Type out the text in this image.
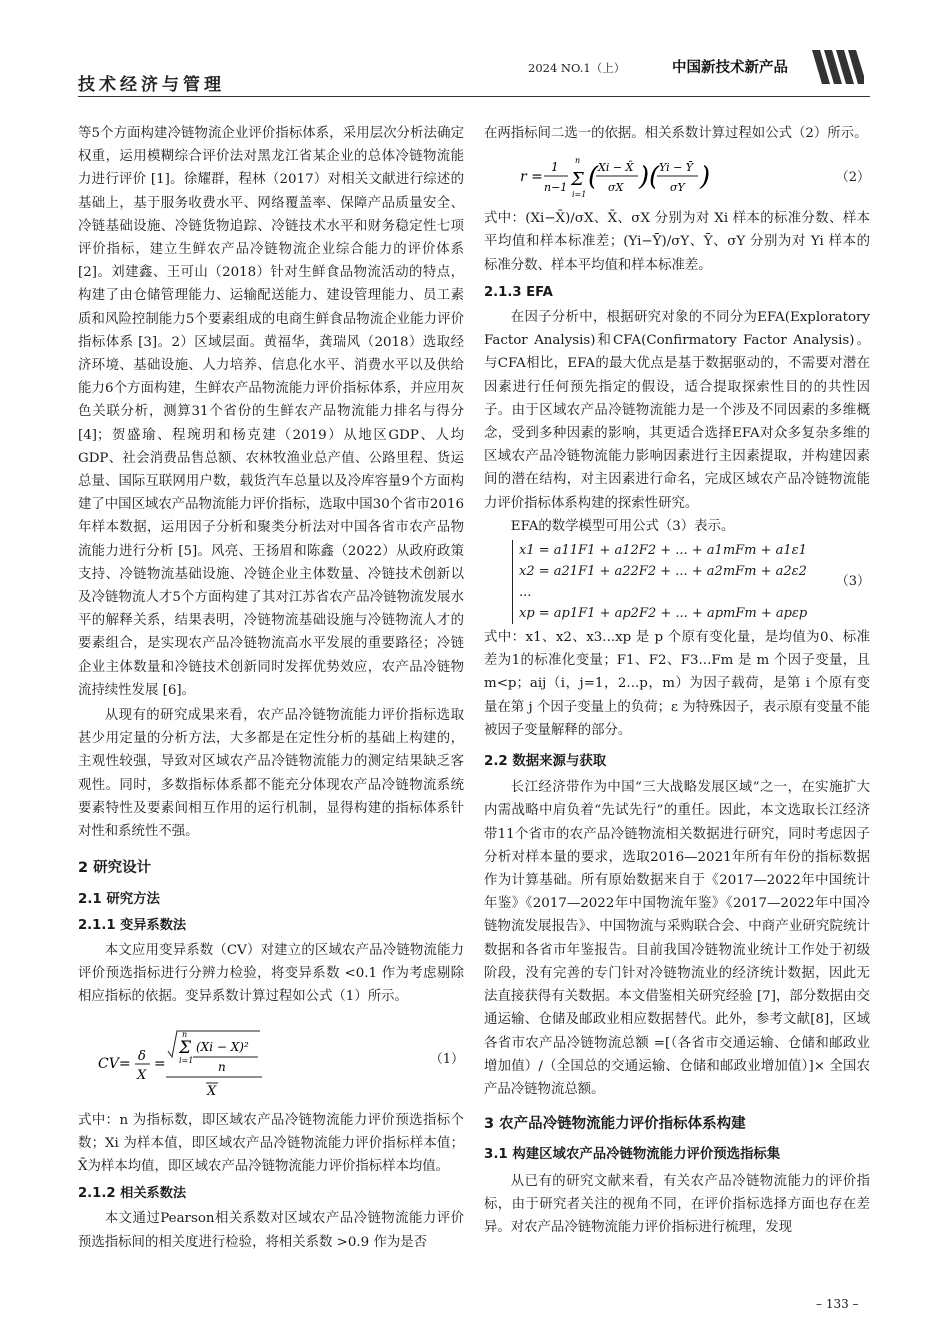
技术经济与管理
2024 NO.1（上）	中国新技术新产品

等5个方面构建冷链物流企业评价指标体系，采用层次分析法确定权重，运用模糊综合评价法对黑龙江省某企业的总体冷链物流能力进行评价 [1]。徐耀群，程林（2017）对相关文献进行综述的基础上，基于服务收费水平、网络覆盖率、保障产品质量安全、冷链基础设施、冷链货物追踪、冷链技术水平和财务稳定性七项评价指标，建立生鲜农产品冷链物流企业综合能力的评价体系 [2]。刘建鑫、王可山（2018）针对生鲜食品物流活动的特点，构建了由仓储管理能力、运输配送能力、建设管理能力、员工素质和风险控制能力5个要素组成的电商生鲜食品物流企业能力评价指标体系 [3]。2）区域层面。黄福华，龚瑞风（2018）选取经济环境、基础设施、人力培养、信息化水平、消费水平以及供给能力6个方面构建，生鲜农产品物流能力评价指标体系，并应用灰色关联分析，测算31个省份的生鲜农产品物流能力排名与得分 [4]；贺盛瑜、程琬玥和杨克建（2019）从地区GDP、人均GDP、社会消费品售总额、农林牧渔业总产值、公路里程、货运总量、国际互联网用户数，载货汽车总量以及冷库容量9个方面构建了中国区域农产品物流能力评价指标，选取中国30个省市2016年样本数据，运用因子分析和聚类分析法对中国各省市农产品物流能力进行分析 [5]。风亮、王扬眉和陈鑫（2022）从政府政策支持、冷链物流基础设施、冷链企业主体数量、冷链技术创新以及冷链物流人才5个方面构建了其对江苏省农产品冷链物流发展水平的解释关系，结果表明，冷链物流基础设施与冷链物流人才的要素组合，是实现农产品冷链物流高水平发展的重要路径；冷链企业主体数量和冷链技术创新同时发挥优势效应，农产品冷链物流持续性发展 [6]。

从现有的研究成果来看，农产品冷链物流能力评价指标选取甚少用定量的分析方法，大多都是在定性分析的基础上构建的，主观性较强，导致对区域农产品冷链物流能力的测定结果缺乏客观性。同时，多数指标体系都不能充分体现农产品冷链物流系统要素特性及要素间相互作用的运行机制，显得构建的指标体系针对性和系统性不强。

2 研究设计
2.1 研究方法
2.1.1 变异系数法

本文应用变异系数（CV）对建立的区域农产品冷链物流能力评价预选指标进行分辨力检验，将变异系数 <0.1 作为考虑剔除相应指标的依据。变异系数计算过程如公式（1）所示。

CV= δ
X
=
n
Σ
i=1
(Xi − X)²
n
X
（1）

式中：n 为指标数，即区域农产品冷链物流能力评价预选指标个数；Xi 为样本值，即区域农产品冷链物流能力评价指标样本值；X̄为样本均值，即区域农产品冷链物流能力评价指标样本均值。

2.1.2 相关系数法

本文通过Pearson相关系数对区域农产品冷链物流能力评价预选指标间的相关度进行检验，将相关系数 >0.9 作为是否

在两指标间二选一的依据。相关系数计算过程如公式（2）所示。

r =
1
n−1
n
Σ
i=1
( Xi − X̄
σX ) ( Yi − Ȳ
σY )	（2）

式中：(Xi−X̄)/σX、X̄、σX 分别为对 Xi 样本的标准分数、样本平均值和样本标准差；(Yi−Ȳ)/σY、Ȳ、σY 分别为对 Yi 样本的标准分数、样本平均值和样本标准差。

2.1.3 EFA

在因子分析中，根据研究对象的不同分为EFA(Exploratory Factor Analysis)和CFA(Confirmatory Factor Analysis)。与CFA相比，EFA的最大优点是基于数据驱动的，不需要对潜在因素进行任何预先指定的假设，适合提取探索性目的的共性因子。由于区域农产品冷链物流能力是一个涉及不同因素的多维概念，受到多种因素的影响，其更适合选择EFA对众多复杂多维的区域农产品冷链物流能力影响因素进行主因素提取，并构建因素间的潜在结构，对主因素进行命名，完成区域农产品冷链物流能力评价指标体系构建的探索性研究。

EFA的数学模型可用公式（3）表示。

x1 = a11F1 + a12F2 + ... + a1mFm + a1ε1
x2 = a21F1 + a22F2 + ... + a2mFm + a2ε2
...
xp = ap1F1 + ap2F2 + ... + apmFm + apεp
（3）

式中：x1、x2、x3...xp 是 p 个原有变化量，是均值为0、标准差为1的标准化变量；F1、F2、F3...Fm 是 m 个因子变量，且 m<p；aij（i，j=1，2...p，m）为因子载荷，是第 i 个原有变量在第 j 个因子变量上的负荷；ε 为特殊因子，表示原有变量不能被因子变量解释的部分。

2.2 数据来源与获取

长江经济带作为中国“三大战略发展区域”之一，在实施扩大内需战略中肩负着“先试先行”的重任。因此，本文选取长江经济带11个省市的农产品冷链物流相关数据进行研究，同时考虑因子分析对样本量的要求，选取2016—2021年所有年份的指标数据作为计算基础。所有原始数据来自于《2017—2022年中国统计年鉴》《2017—2022年中国物流年鉴》《2017—2022年中国冷链物流发展报告》、中国物流与采购联合会、中商产业研究院统计数据和各省市年鉴报告。目前我国冷链物流业统计工作处于初级阶段，没有完善的专门针对冷链物流业的经济统计数据，因此无法直接获得有关数据。本文借鉴相关研究经验 [7]，部分数据由交通运输、仓储及邮政业相应数据替代。此外，参考文献[8]，区域各省市农产品冷链物流总额 =[（各省市交通运输、仓储和邮政业增加值）/（全国总的交通运输、仓储和邮政业增加值）]× 全国农产品冷链物流总额。

3 农产品冷链物流能力评价指标体系构建
3.1 构建区域农产品冷链物流能力评价预选指标集

从已有的研究文献来看，有关农产品冷链物流能力的评价指标，由于研究者关注的视角不同，在评价指标选择方面也存在差异。对农产品冷链物流能力评价指标进行梳理，发现

– 133 –
